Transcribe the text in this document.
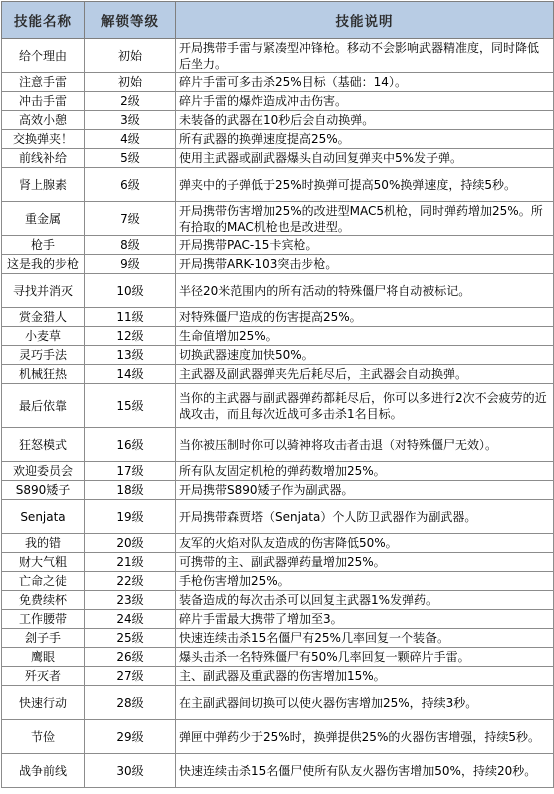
技能名称	解锁等级	技能说明
给个理由	初始	开局携带手雷与紧凑型冲锋枪。移动不会影响武器精准度，同时降低后坐力。
注意手雷	初始	碎片手雷可多击杀25%目标（基础：14）。
冲击手雷	2级	碎片手雷的爆炸造成冲击伤害。
高效小憩	3级	未装备的武器在10秒后会自动换弹。
交换弹夹！	4级	所有武器的换弹速度提高25%。
前线补给	5级	使用主武器或副武器爆头自动回复弹夹中5%发子弹。
肾上腺素	6级	弹夹中的子弹低于25%时换弹可提高50%换弹速度，持续5秒。
重金属	7级	开局携带伤害增加25%的改进型MAC5机枪，同时弹药增加25%。所有拾取的MAC机枪也是改进型。
枪手	8级	开局携带PAC-15卡宾枪。
这是我的步枪	9级	开局携带ARK-103突击步枪。
寻找并消灭	10级	半径20米范围内的所有活动的特殊僵尸将自动被标记。
赏金猎人	11级	对特殊僵尸造成的伤害提高25%。
小麦草	12级	生命值增加25%。
灵巧手法	13级	切换武器速度加快50%。
机械狂热	14级	主武器及副武器弹夹先后耗尽后，主武器会自动换弹。
最后依靠	15级	当你的主武器与副武器弹药都耗尽后，你可以多进行2次不会疲劳的近战攻击，而且每次近战可多击杀1名目标。
狂怒模式	16级	当你被压制时你可以骑神将攻击者击退（对特殊僵尸无效）。
欢迎委员会	17级	所有队友固定机枪的弹药数增加25%。
S890矮子	18级	开局携带S890矮子作为副武器。
Senjata	19级	开局携带森贾塔（Senjata）个人防卫武器作为副武器。
我的错	20级	友军的火焰对队友造成的伤害降低50%。
财大气粗	21级	可携带的主、副武器弹药量增加25%。
亡命之徒	22级	手枪伤害增加25%。
免费续杯	23级	装备造成的每次击杀可以回复主武器1%发弹药。
工作腰带	24级	碎片手雷最大携带了增加至3。
刽子手	25级	快速连续击杀15名僵尸有25%几率回复一个装备。
鹰眼	26级	爆头击杀一名特殊僵尸有50%几率回复一颗碎片手雷。
歼灭者	27级	主、副武器及重武器的伤害增加15%。
快速行动	28级	在主副武器间切换可以使火器伤害增加25%，持续3秒。
节俭	29级	弹匣中弹药少于25%时，换弹提供25%的火器伤害增强，持续5秒。
战争前线	30级	快速连续击杀15名僵尸使所有队友火器伤害增加50%，持续20秒。
